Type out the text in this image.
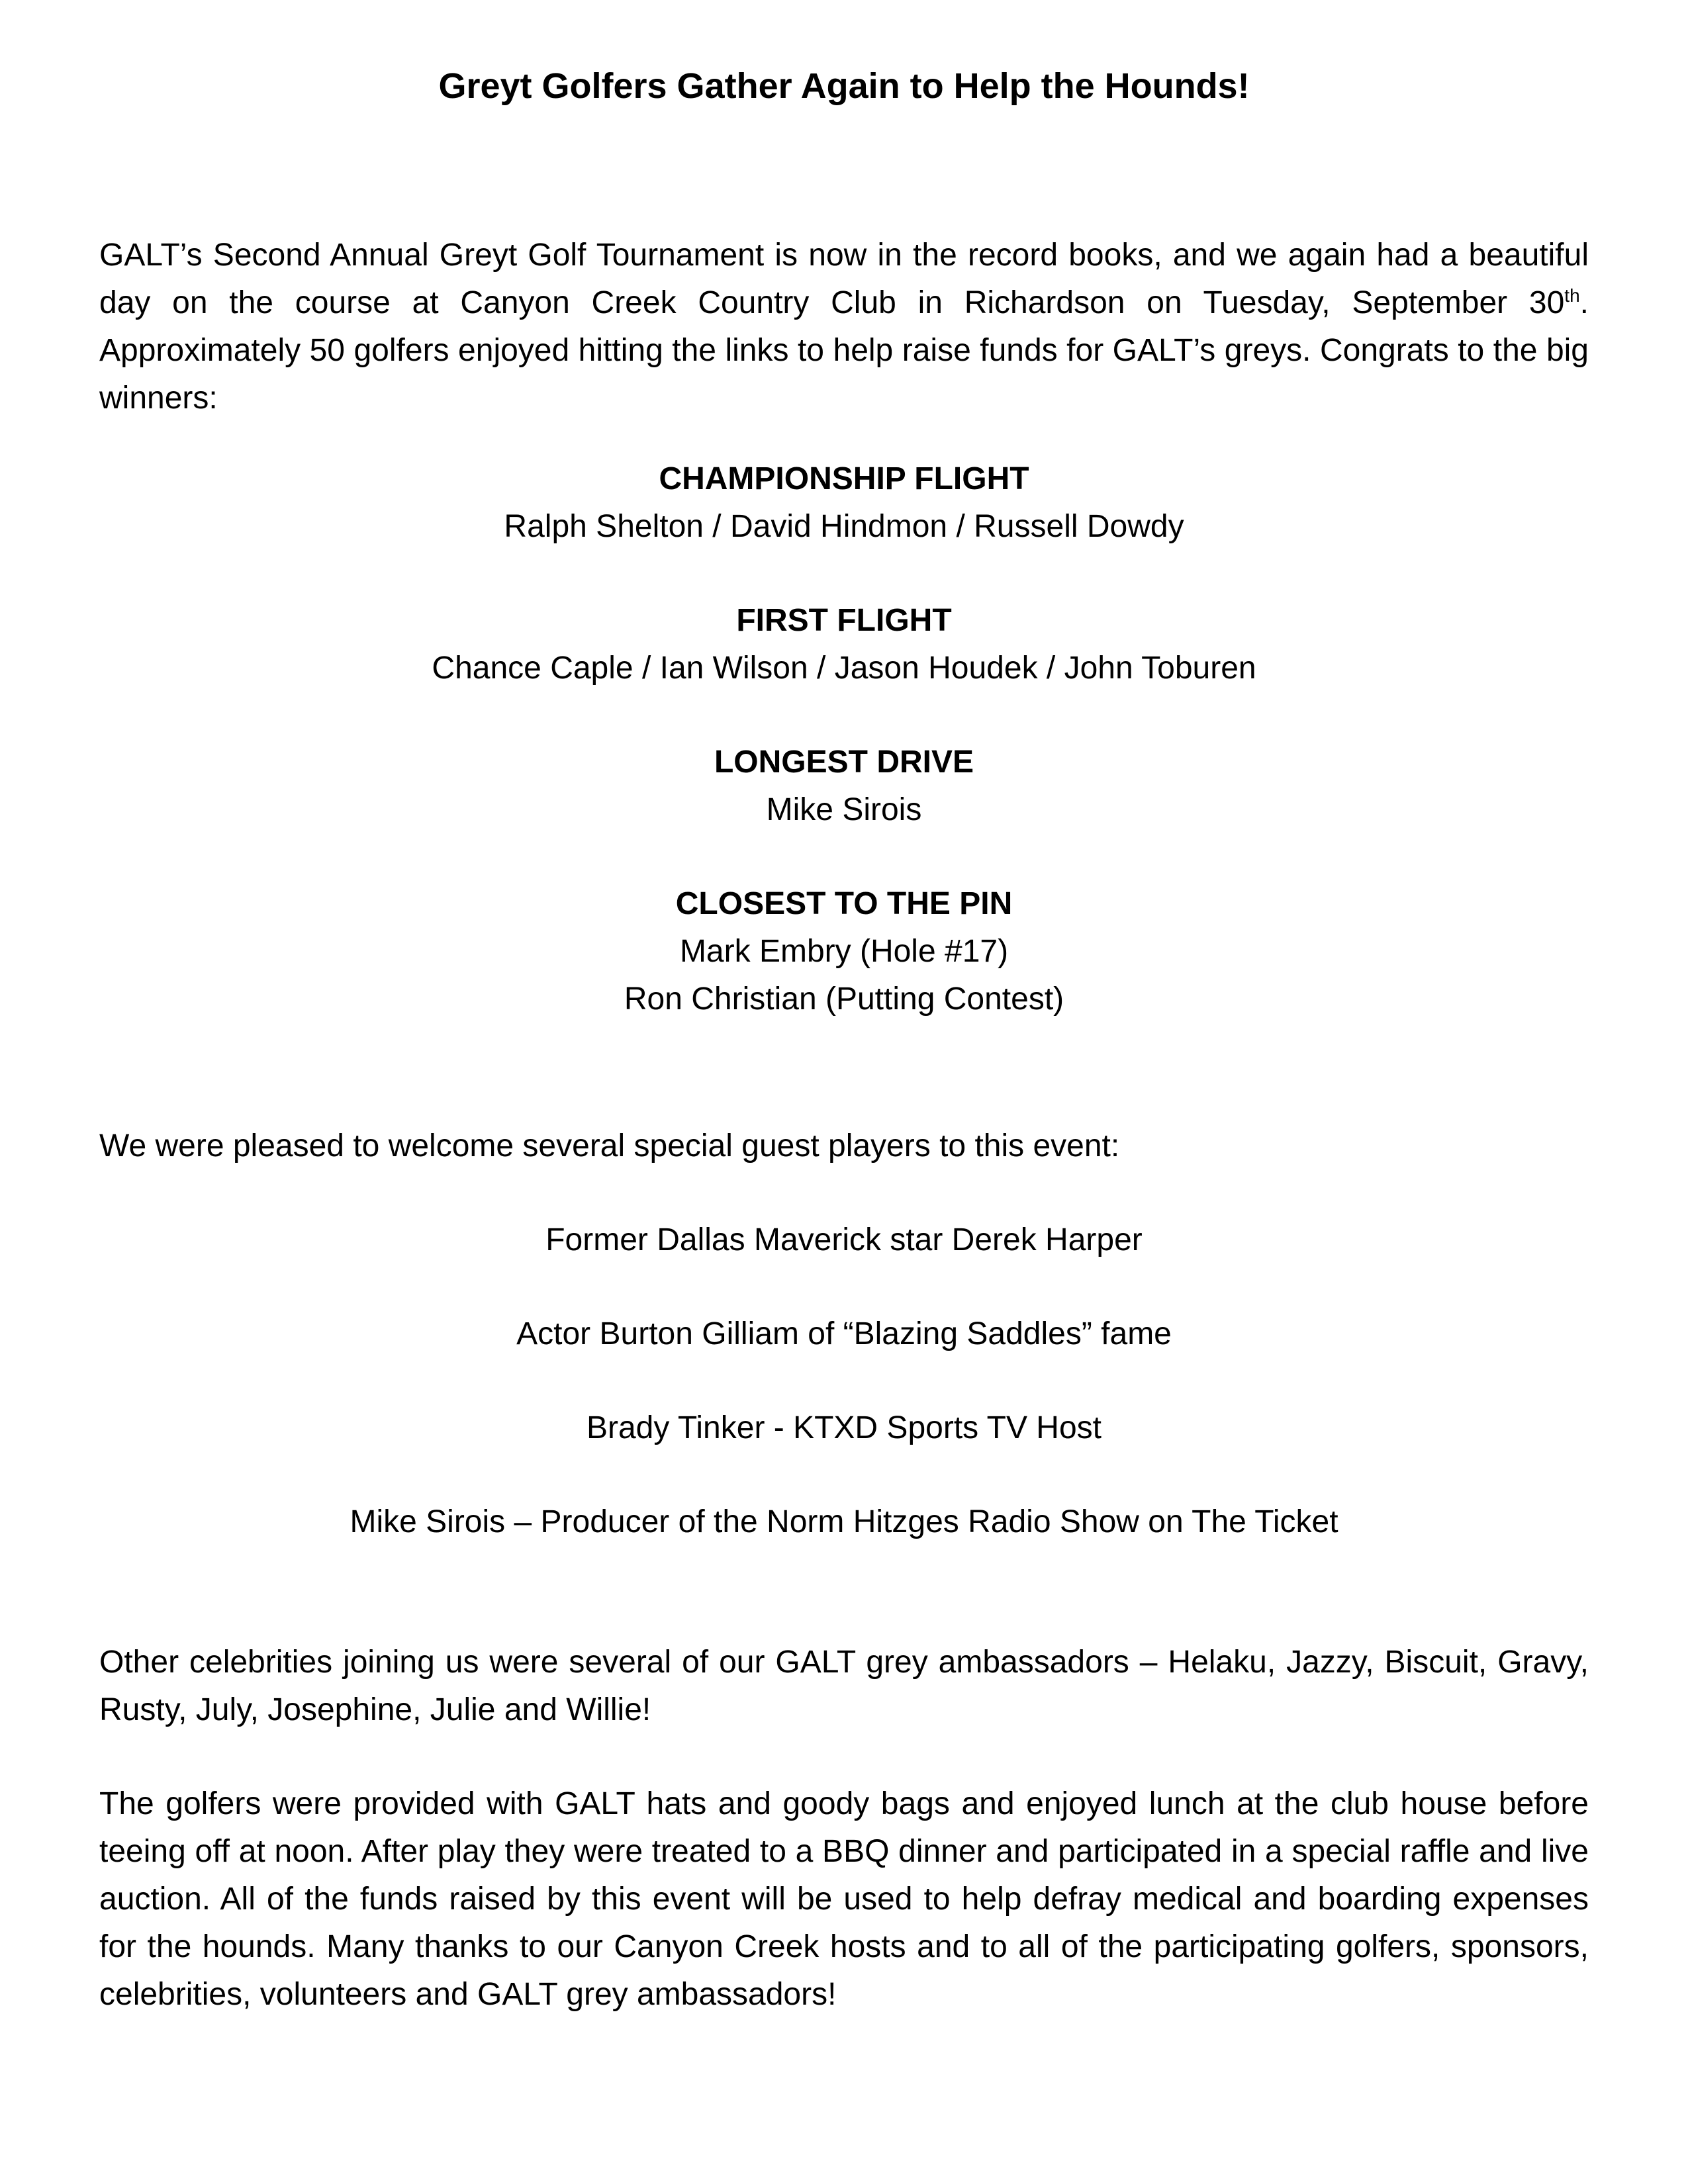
Greyt Golfers Gather Again to Help the Hounds!

GALT’s Second Annual Greyt Golf Tournament is now in the record books, and we again had a beautiful day on the course at Canyon Creek Country Club in Richardson on Tuesday, September 30th. Approximately 50 golfers enjoyed hitting the links to help raise funds for GALT’s greys. Congrats to the big winners:

CHAMPIONSHIP FLIGHT

Ralph Shelton / David Hindmon / Russell Dowdy

FIRST FLIGHT

Chance Caple / Ian Wilson / Jason Houdek / John Toburen

LONGEST DRIVE

Mike Sirois

CLOSEST TO THE PIN

Mark Embry (Hole #17)

Ron Christian (Putting Contest)

We were pleased to welcome several special guest players to this event:

Former Dallas Maverick star Derek Harper

Actor Burton Gilliam of “Blazing Saddles” fame

Brady Tinker - KTXD Sports TV Host

Mike Sirois – Producer of the Norm Hitzges Radio Show on The Ticket

Other celebrities joining us were several of our GALT grey ambassadors – Helaku, Jazzy, Biscuit, Gravy, Rusty, July, Josephine, Julie and Willie!

The golfers were provided with GALT hats and goody bags and enjoyed lunch at the club house before teeing off at noon. After play they were treated to a BBQ dinner and participated in a special raffle and live auction. All of the funds raised by this event will be used to help defray medical and boarding expenses for the hounds. Many thanks to our Canyon Creek hosts and to all of the participating golfers, sponsors, celebrities, volunteers and GALT grey ambassadors!
